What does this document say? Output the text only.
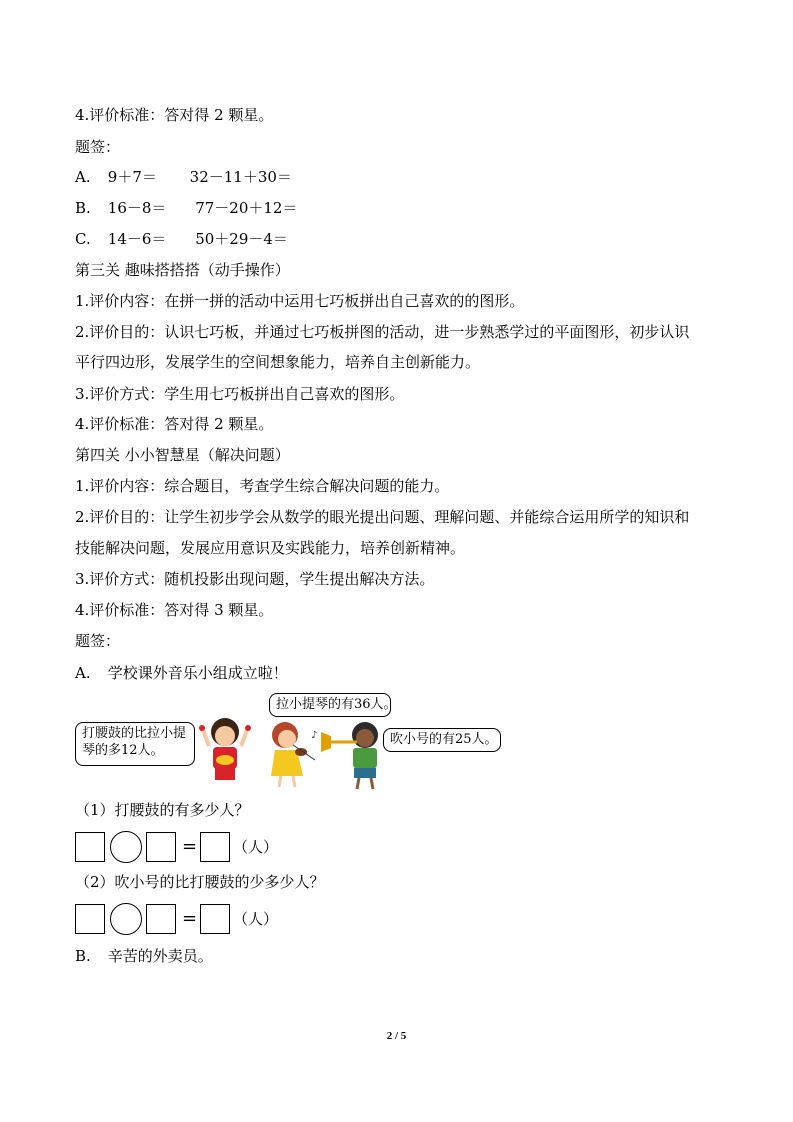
4.评价标准：答对得 2 颗星。
题签：
A. 9＋7＝ 32－11＋30＝
B. 16－8＝ 77－20＋12＝
C. 14－6＝ 50＋29－4＝
第三关 趣味搭搭搭（动手操作）
1.评价内容：在拼一拼的活动中运用七巧板拼出自己喜欢的的图形。
2.评价目的：认识七巧板，并通过七巧板拼图的活动，进一步熟悉学过的平面图形，初步认识
平行四边形，发展学生的空间想象能力，培养自主创新能力。
3.评价方式：学生用七巧板拼出自己喜欢的图形。
4.评价标准：答对得 2 颗星。
第四关 小小智慧星（解决问题）
1.评价内容：综合题目，考查学生综合解决问题的能力。
2.评价目的：让学生初步学会从数学的眼光提出问题、理解问题、并能综合运用所学的知识和
技能解决问题，发展应用意识及实践能力，培养创新精神。
3.评价方式：随机投影出现问题，学生提出解决方法。
4.评价标准：答对得 3 颗星。
题签：
A. 学校课外音乐小组成立啦！
打腰鼓的比拉小提琴的多12人。
拉小提琴的有36人。
吹小号的有25人。
♪
（1）打腰鼓的有多少人？
= （人）
（2）吹小号的比打腰鼓的少多少人？
= （人）
B. 辛苦的外卖员。
2 / 5
